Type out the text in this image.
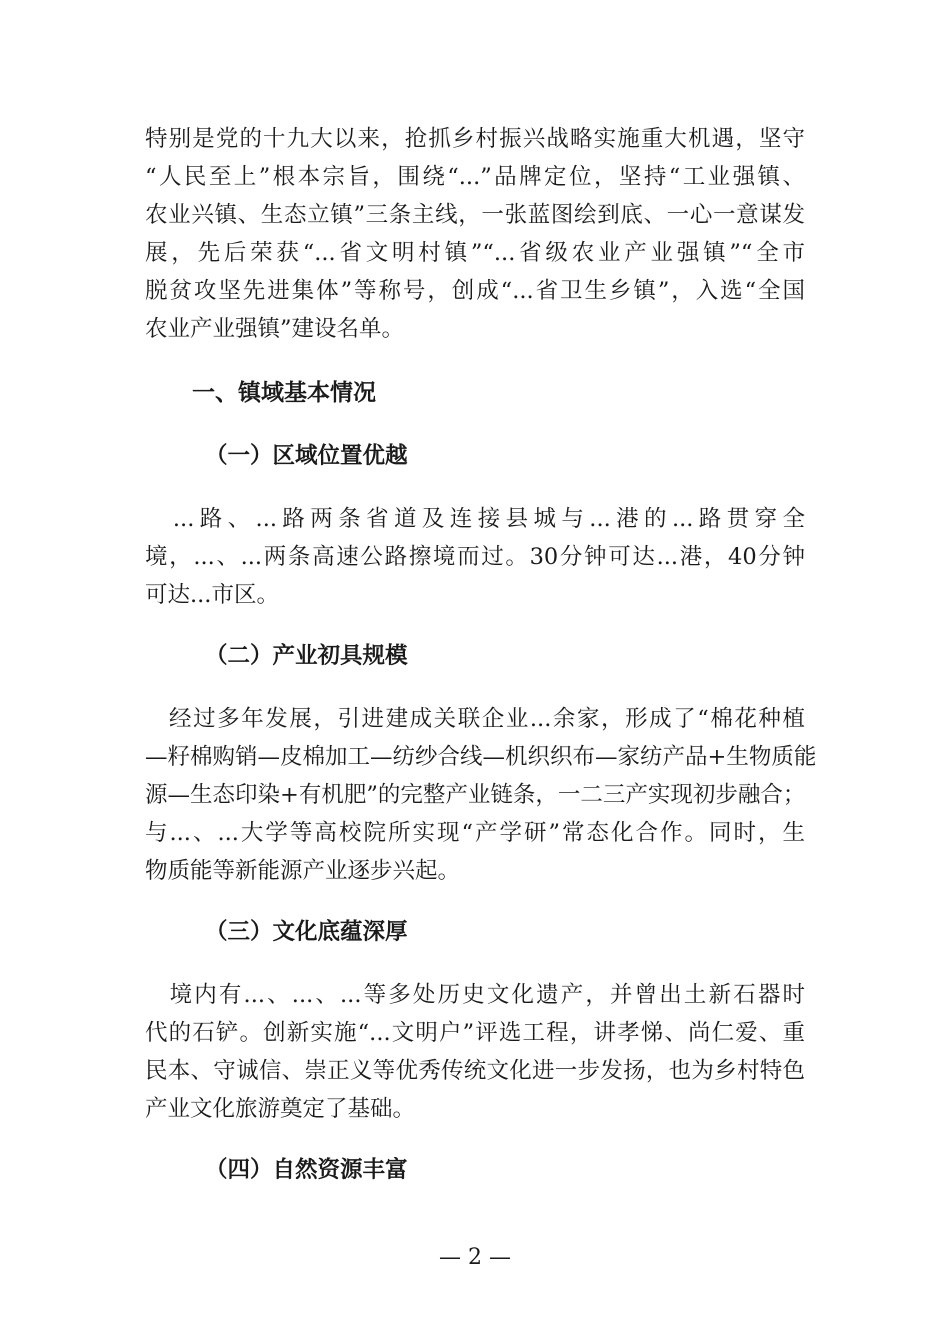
特别是党的十九大以来，抢抓乡村振兴战略实施重大机遇，坚守
“人民至上”根本宗旨，围绕“...”品牌定位，坚持“工业强镇、
农业兴镇、生态立镇”三条主线，一张蓝图绘到底、一心一意谋发
展，先后荣获“...省文明村镇”“...省级农业产业强镇”“全市
脱贫攻坚先进集体”等称号，创成“...省卫生乡镇”，入选“全国
农业产业强镇”建设名单。
一、镇域基本情况
（一）区域位置优越
　...路、...路两条省道及连接县城与...港的...路贯穿全
境，...、...两条高速公路擦境而过。30分钟可达...港，40分钟
可达...市区。
（二）产业初具规模
　经过多年发展，引进建成关联企业...余家，形成了“棉花种植
—籽棉购销—皮棉加工—纺纱合线—机织织布—家纺产品+生物质能
源—生态印染+有机肥”的完整产业链条，一二三产实现初步融合；
与...、...大学等高校院所实现“产学研”常态化合作。同时，生
物质能等新能源产业逐步兴起。
（三）文化底蕴深厚
　境内有...、...、...等多处历史文化遗产，并曾出土新石器时
代的石铲。创新实施“...文明户”评选工程，讲孝悌、尚仁爱、重
民本、守诚信、崇正义等优秀传统文化进一步发扬，也为乡村特色
产业文化旅游奠定了基础。
（四）自然资源丰富
— 2 —
